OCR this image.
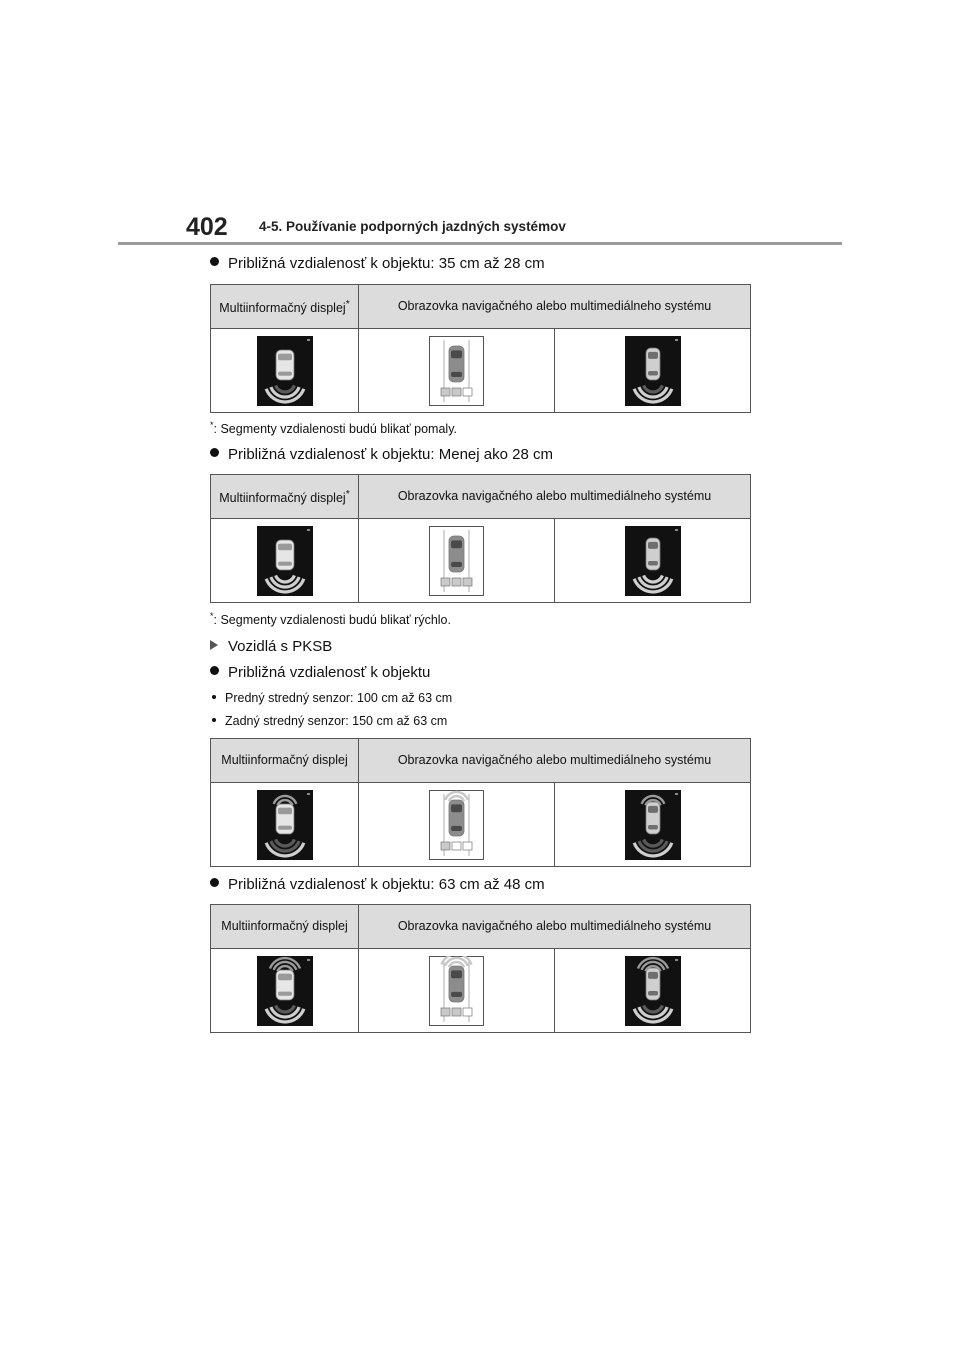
402 4-5. Používanie podporných jazdných systémov
Približná vzdialenosť k objektu: 35 cm až 28 cm
Multiinformačný displej*	Obrazovka navigačného alebo multimediálneho systému	

*: Segmenty vzdialenosti budú blikať pomaly.
Približná vzdialenosť k objektu: Menej ako 28 cm
Multiinformačný displej*	Obrazovka navigačného alebo multimediálneho systému	

*: Segmenty vzdialenosti budú blikať rýchlo.
Vozidlá s PKSB
Približná vzdialenosť k objektu
Predný stredný senzor: 100 cm až 63 cm
Zadný stredný senzor: 150 cm až 63 cm
Multiinformačný displej	Obrazovka navigačného alebo multimediálneho systému	

Približná vzdialenosť k objektu: 63 cm až 48 cm
Multiinformačný displej	Obrazovka navigačného alebo multimediálneho systému	
